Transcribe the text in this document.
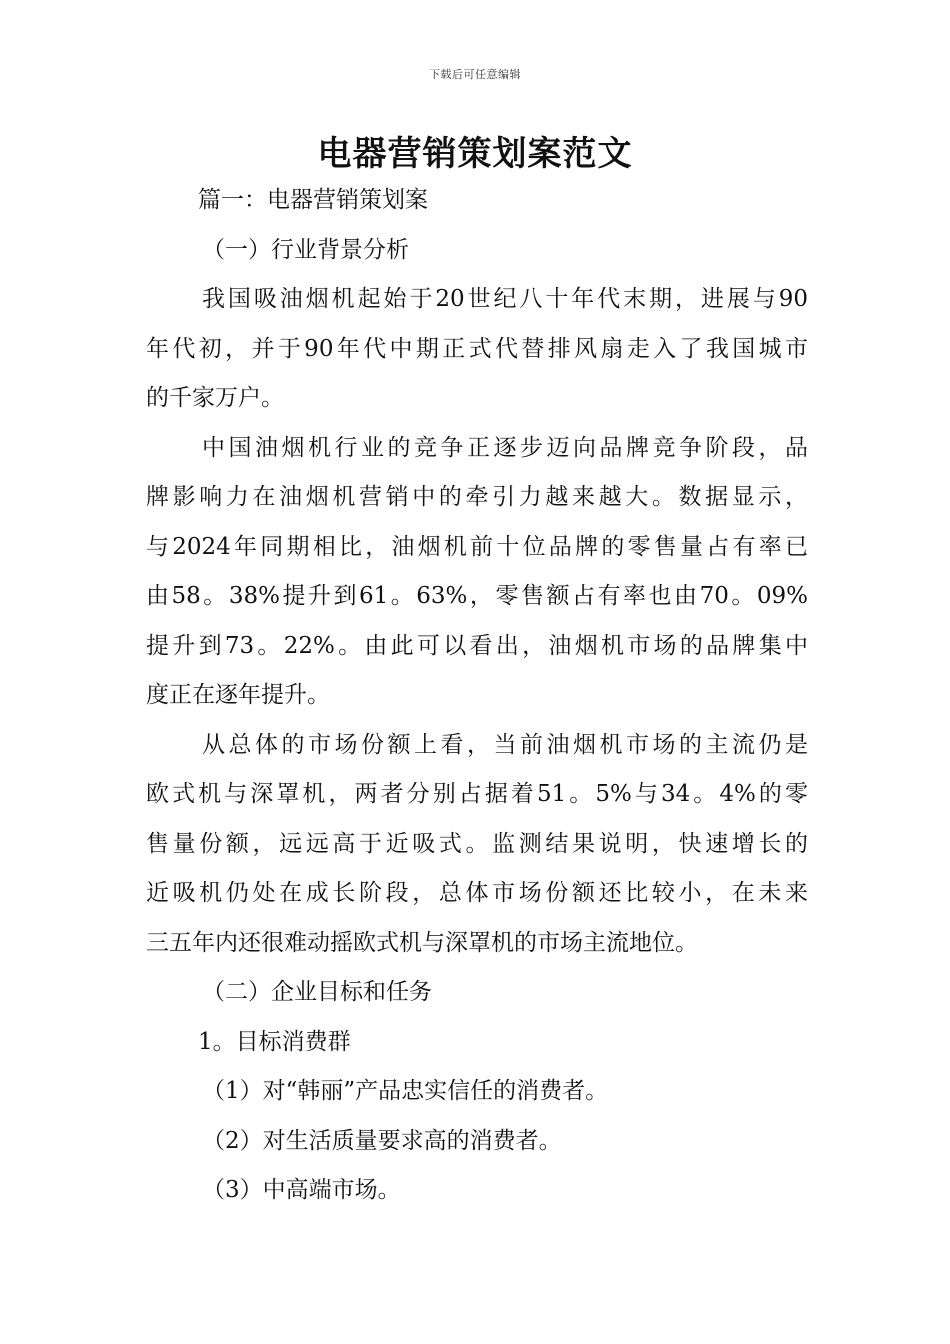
下载后可任意编辑
电器营销策划案范文
篇一：电器营销策划案
（一）行业背景分析
我国吸油烟机起始于20世纪八十年代末期，进展与90
年代初，并于90年代中期正式代替排风扇走入了我国城市
的千家万户。
中国油烟机行业的竞争正逐步迈向品牌竞争阶段，品
牌影响力在油烟机营销中的牵引力越来越大。数据显示，
与2024年同期相比，油烟机前十位品牌的零售量占有率已
由58。38%提升到61。63%，零售额占有率也由70。09%
提升到73。22%。由此可以看出，油烟机市场的品牌集中
度正在逐年提升。
从总体的市场份额上看，当前油烟机市场的主流仍是
欧式机与深罩机，两者分别占据着51。5%与34。4%的零
售量份额，远远高于近吸式。监测结果说明，快速增长的
近吸机仍处在成长阶段，总体市场份额还比较小，在未来
三五年内还很难动摇欧式机与深罩机的市场主流地位。
（二）企业目标和任务
1。目标消费群
（1）对“韩丽”产品忠实信任的消费者。
（2）对生活质量要求高的消费者。
（3）中高端市场。
